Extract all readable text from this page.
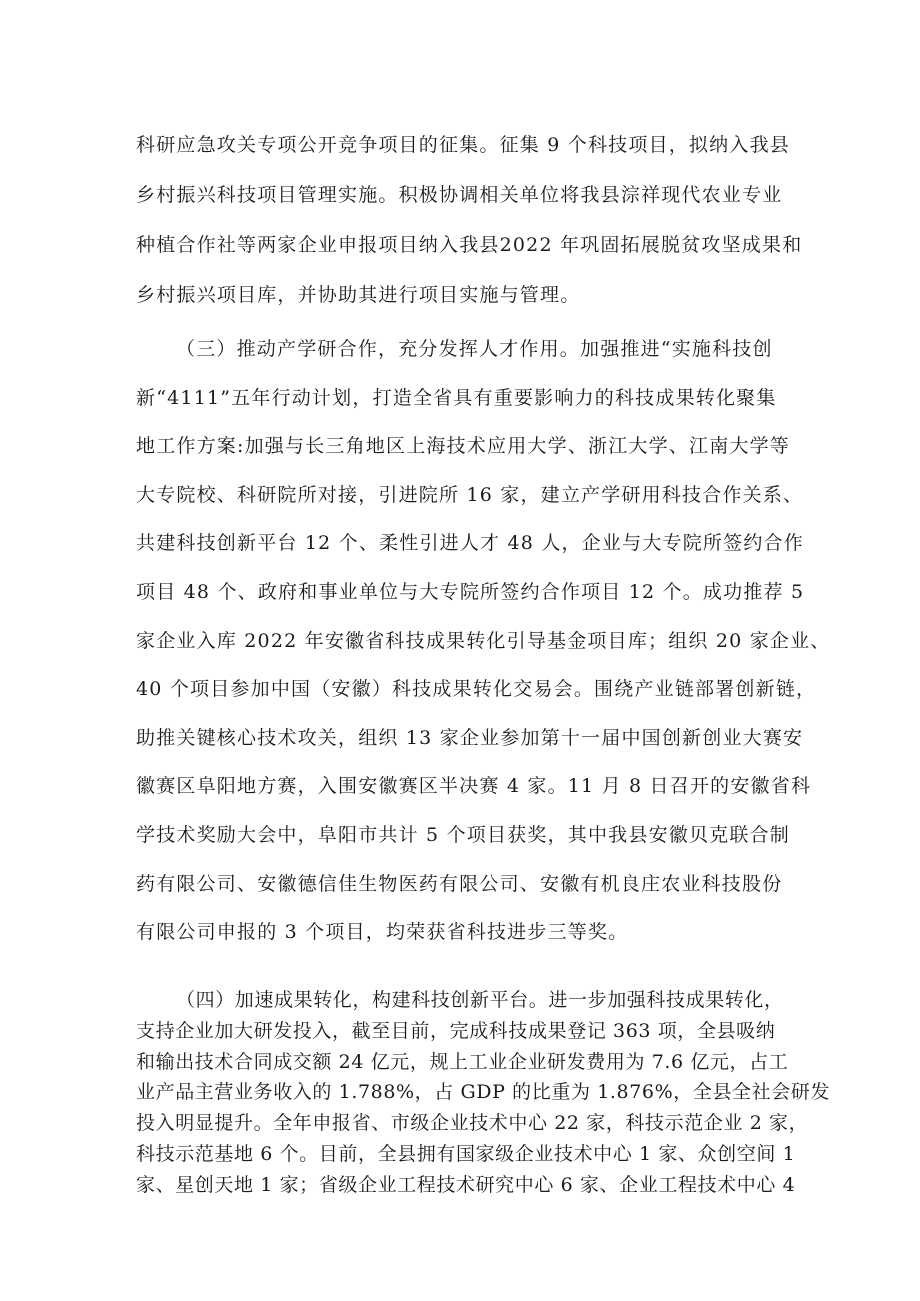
科研应急攻关专项公开竞争项目的征集。征集 9 个科技项目，拟纳入我县
乡村振兴科技项目管理实施。积极协调相关单位将我县淙祥现代农业专业
种植合作社等两家企业申报项目纳入我县2022 年巩固拓展脱贫攻坚成果和
乡村振兴项目库，并协助其进行项目实施与管理。
（三）推动产学研合作，充分发挥人才作用。加强推进“实施科技创
新“4111”五年行动计划，打造全省具有重要影响力的科技成果转化聚集
地工作方案:加强与长三角地区上海技术应用大学、浙江大学、江南大学等
大专院校、科研院所对接，引进院所 16 家，建立产学研用科技合作关系、
共建科技创新平台 12 个、柔性引进人才 48 人，企业与大专院所签约合作
项目 48 个、政府和事业单位与大专院所签约合作项目 12 个。成功推荐 5
家企业入库 2022 年安徽省科技成果转化引导基金项目库；组织 20 家企业、
40 个项目参加中国（安徽）科技成果转化交易会。围绕产业链部署创新链，
助推关键核心技术攻关，组织 13 家企业参加第十一届中国创新创业大赛安
徽赛区阜阳地方赛，入围安徽赛区半决赛 4 家。11 月 8 日召开的安徽省科
学技术奖励大会中，阜阳市共计 5 个项目获奖，其中我县安徽贝克联合制
药有限公司、安徽德信佳生物医药有限公司、安徽有机良庄农业科技股份
有限公司申报的 3 个项目，均荣获省科技进步三等奖。
（四）加速成果转化，构建科技创新平台。进一步加强科技成果转化，
支持企业加大研发投入，截至目前，完成科技成果登记 363 项，全县吸纳
和输出技术合同成交额 24 亿元，规上工业企业研发费用为 7.6 亿元，占工
业产品主营业务收入的 1.788%，占 GDP 的比重为 1.876%，全县全社会研发
投入明显提升。全年申报省、市级企业技术中心 22 家，科技示范企业 2 家，
科技示范基地 6 个。目前，全县拥有国家级企业技术中心 1 家、众创空间 1
家、星创天地 1 家；省级企业工程技术研究中心 6 家、企业工程技术中心 4
